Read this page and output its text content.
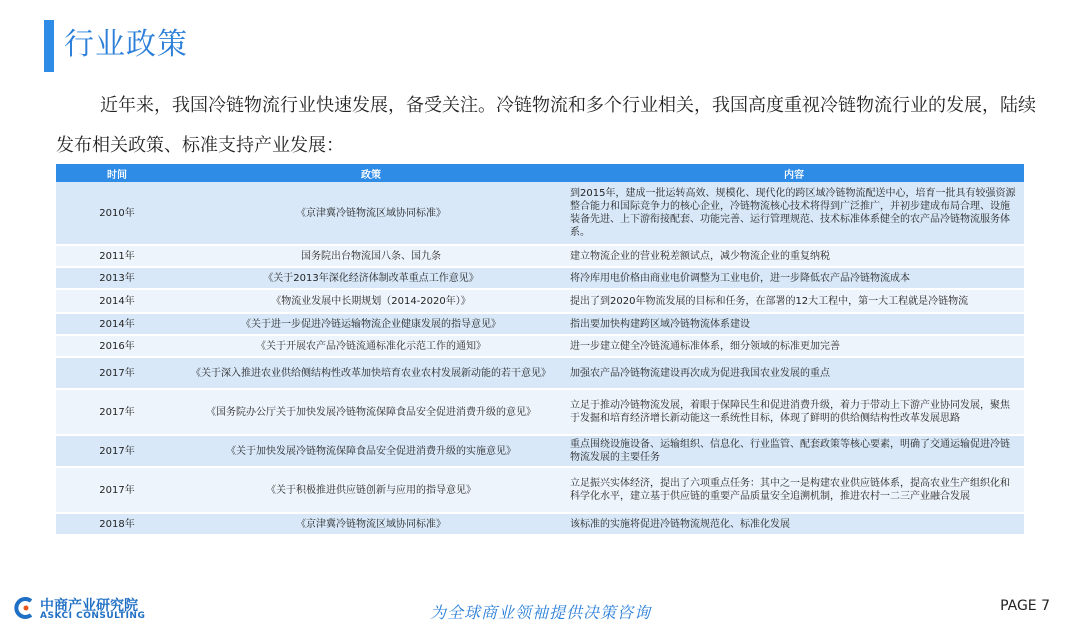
行业政策

近年来，我国冷链物流行业快速发展，备受关注。冷链物流和多个行业相关，我国高度重视冷链物流行业的发展，陆续发布相关政策、标准支持产业发展：

时间	政策	内容
2010年	《京津冀冷链物流区域协同标准》	到2015年，建成一批运转高效、规模化、现代化的跨区域冷链物流配送中心，培育一批具有较强资源整合能力和国际竞争力的核心企业，冷链物流核心技术将得到广泛推广，并初步建成布局合理、设施装备先进、上下游衔接配套、功能完善、运行管理规范、技术标准体系健全的农产品冷链物流服务体系。
2011年	国务院出台物流国八条、国九条	建立物流企业的营业税差额试点，减少物流企业的重复纳税
2013年	《关于2013年深化经济体制改革重点工作意见》	将冷库用电价格由商业电价调整为工业电价，进一步降低农产品冷链物流成本
2014年	《物流业发展中长期规划（2014-2020年）》	提出了到2020年物流发展的目标和任务，在部署的12大工程中，第一大工程就是冷链物流
2014年	《关于进一步促进冷链运输物流企业健康发展的指导意见》	指出要加快构建跨区域冷链物流体系建设
2016年	《关于开展农产品冷链流通标准化示范工作的通知》	进一步建立健全冷链流通标准体系，细分领域的标准更加完善
2017年	《关于深入推进农业供给侧结构性改革加快培育农业农村发展新动能的若干意见》	加强农产品冷链物流建设再次成为促进我国农业发展的重点
2017年	《国务院办公厅关于加快发展冷链物流保障食品安全促进消费升级的意见》	立足于推动冷链物流发展，着眼于保障民生和促进消费升级，着力于带动上下游产业协同发展，聚焦于发掘和培育经济增长新动能这一系统性目标，体现了鲜明的供给侧结构性改革发展思路
2017年	《关于加快发展冷链物流保障食品安全促进消费升级的实施意见》	重点围绕设施设备、运输组织、信息化、行业监管、配套政策等核心要素，明确了交通运输促进冷链物流发展的主要任务
2017年	《关于积极推进供应链创新与应用的指导意见》	立足振兴实体经济，提出了六项重点任务：其中之一是构建农业供应链体系，提高农业生产组织化和科学化水平，建立基于供应链的重要产品质量安全追溯机制，推进农村一二三产业融合发展
2018年	《京津冀冷链物流区域协同标准》	该标准的实施将促进冷链物流规范化、标准化发展
中商产业研究院
ASKCI CONSULTING	为全球商业领袖提供决策咨询	PAGE 7
